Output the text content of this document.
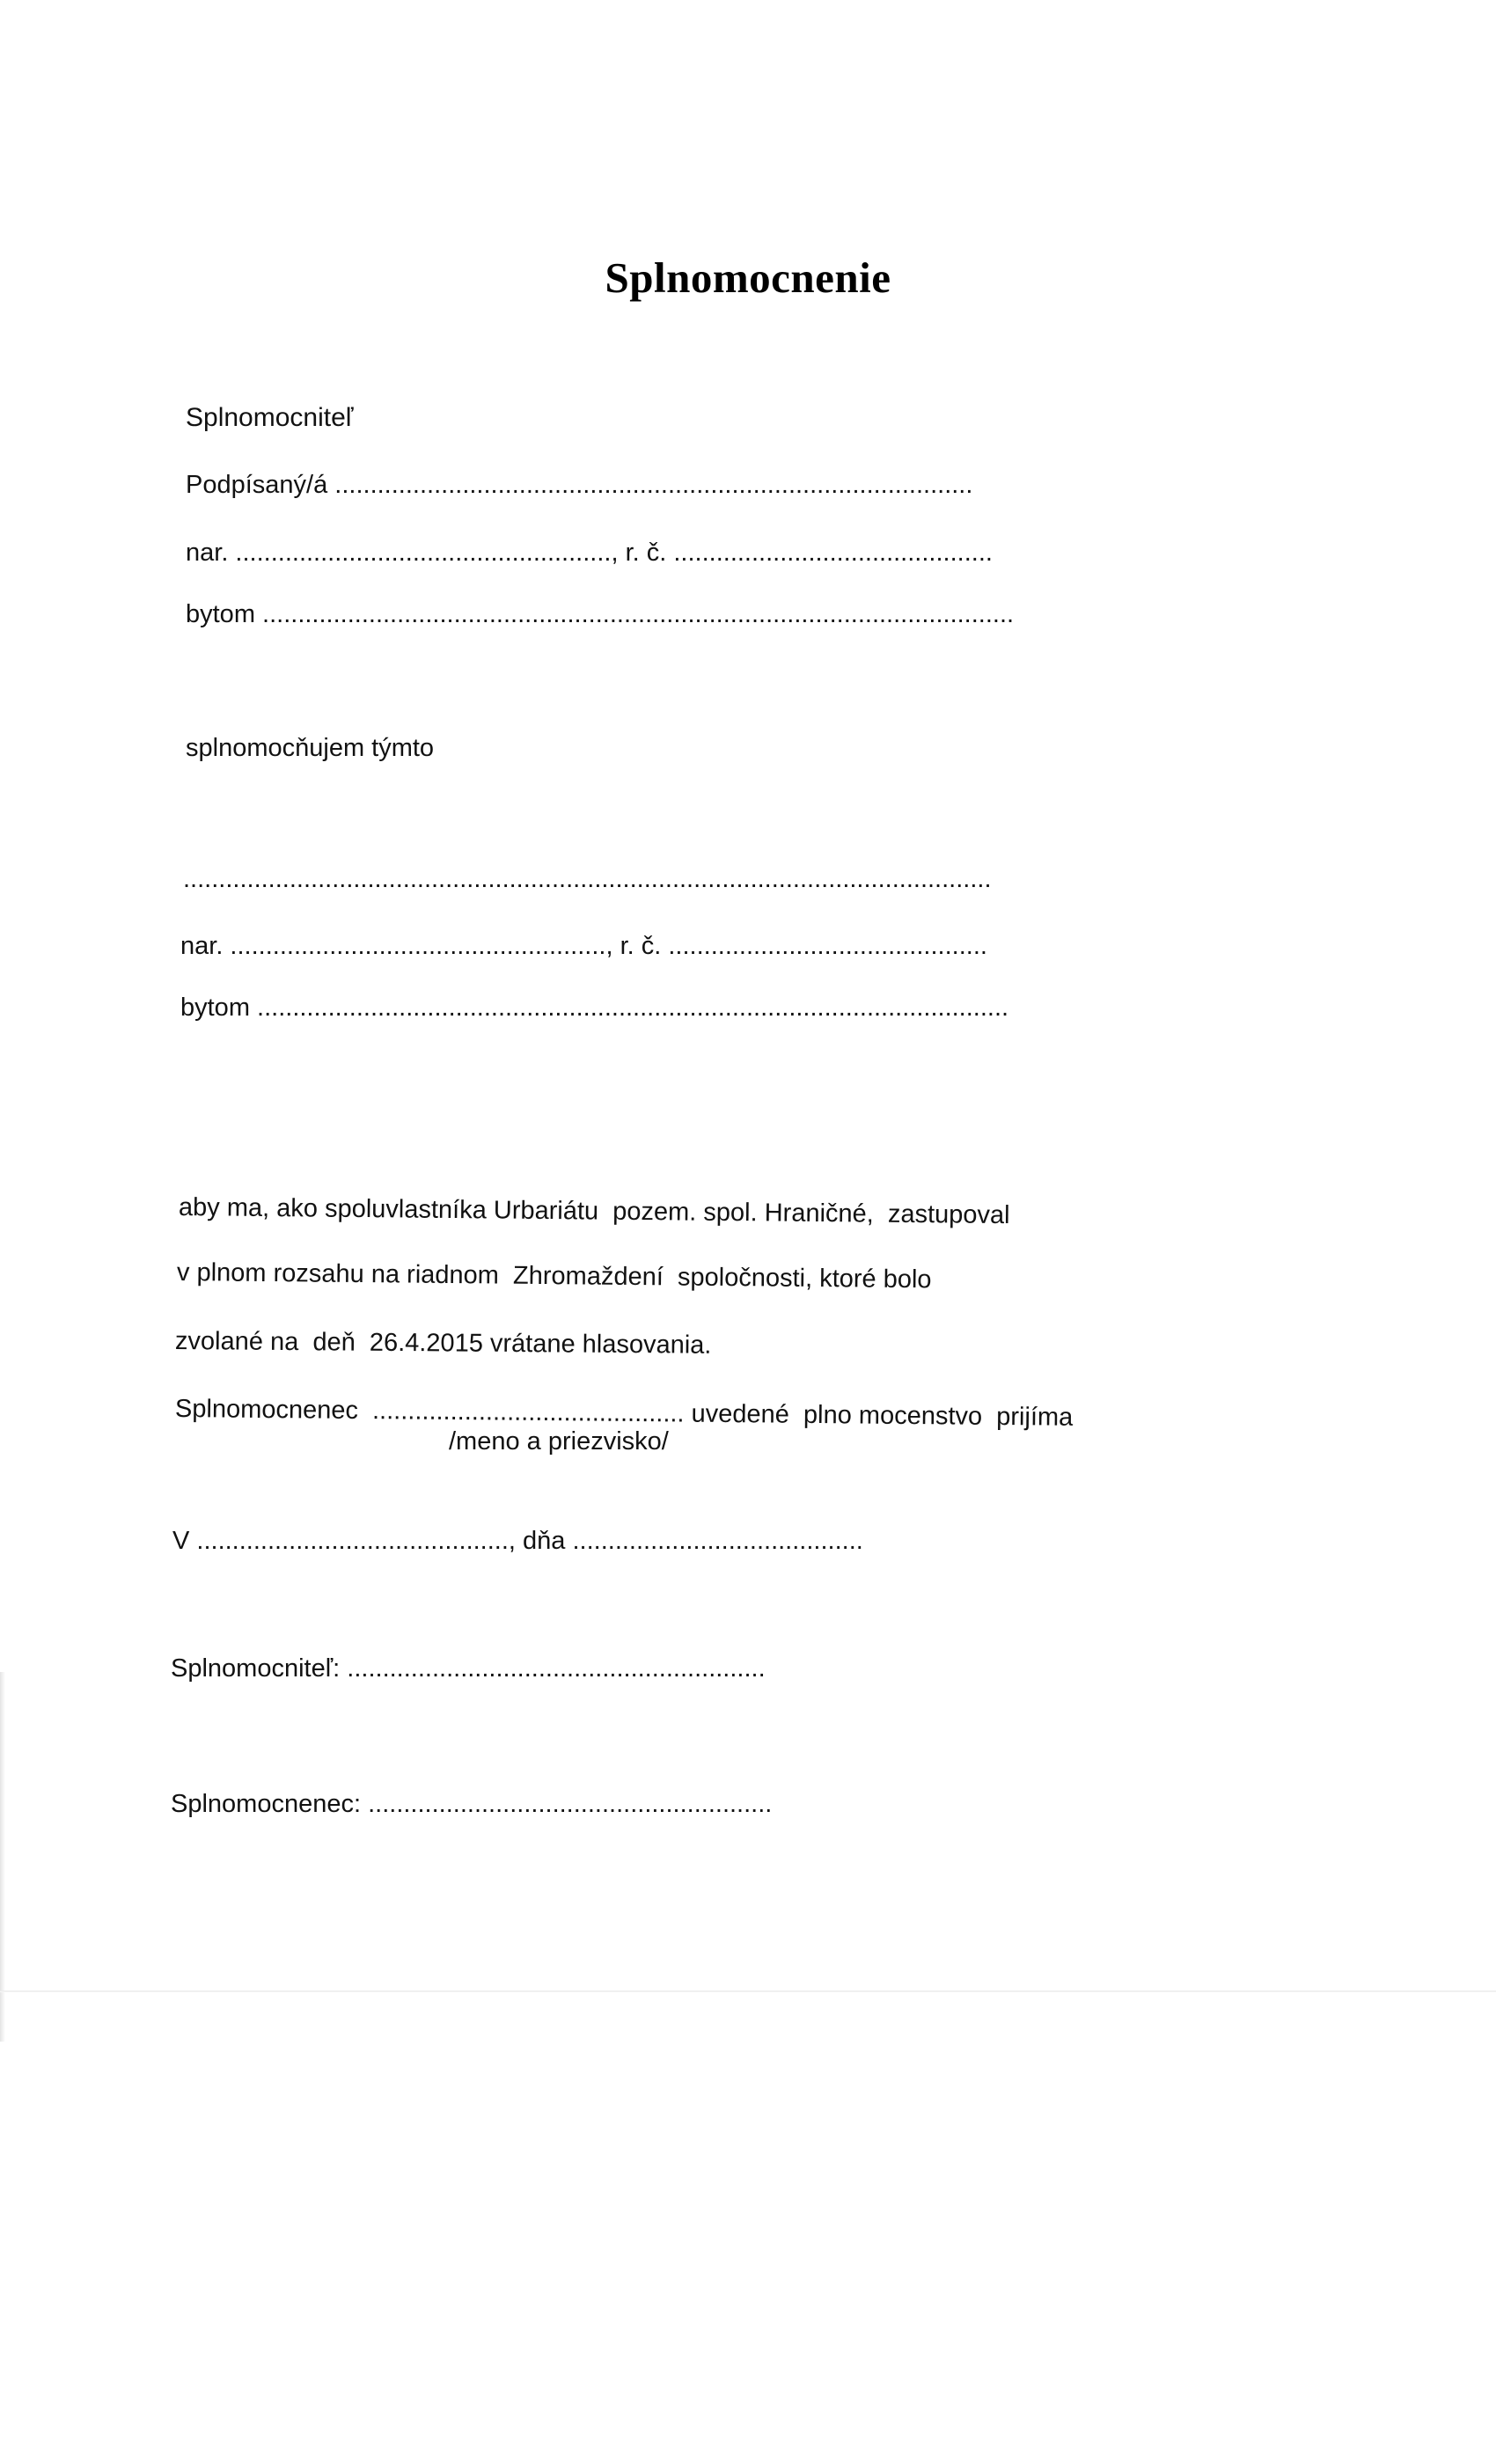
Splnomocnenie
Splnomocniteľ
Podpísaný/á ..........................................................................................
nar. ....................................................., r. č. .............................................
bytom ..........................................................................................................
splnomocňujem týmto
..................................................................................................................
nar. ....................................................., r. č. .............................................
bytom ..........................................................................................................
aby ma, ako spoluvlastníka Urbariátu  pozem. spol. Hraničné,  zastupoval
v plnom rozsahu na riadnom  Zhromaždení  spoločnosti, ktoré bolo
zvolané na  deň  26.4.2015 vrátane hlasovania.
Splnomocnenec  ............................................ uvedené  plno mocenstvo  prijíma
/meno a priezvisko/
V ............................................, dňa .........................................
Splnomocniteľ: ...........................................................
Splnomocnenec: .........................................................
